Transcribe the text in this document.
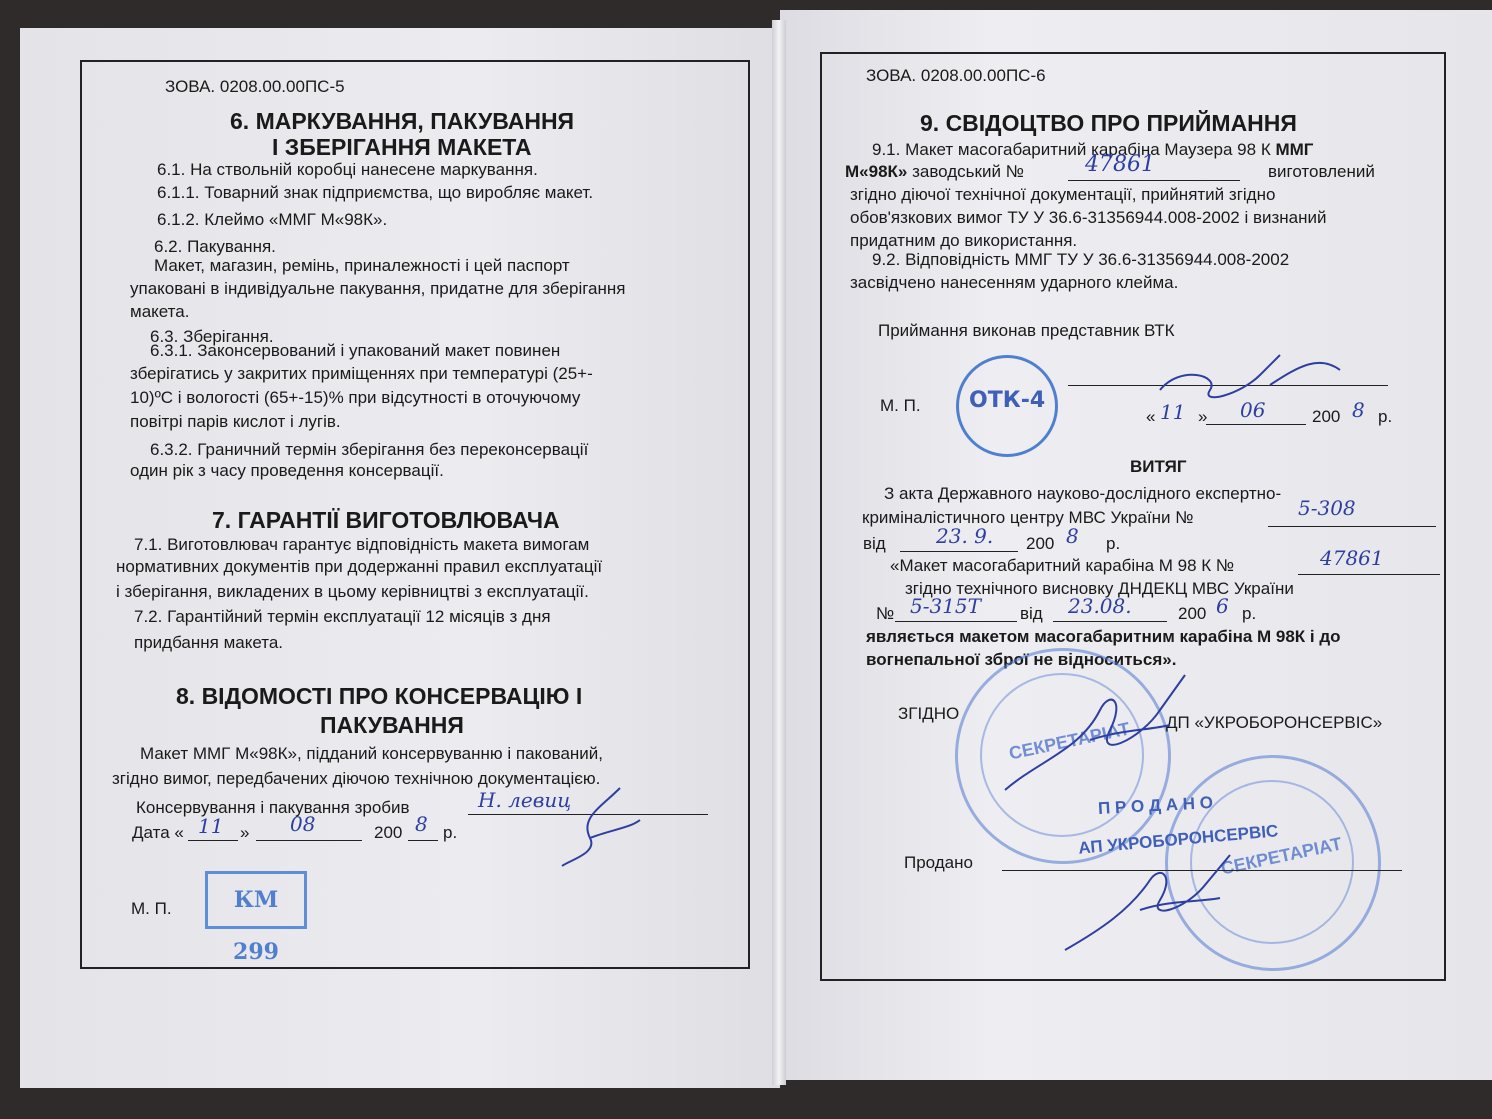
ЗОВА. 0208.00.00ПС-5
6. МАРКУВАННЯ, ПАКУВАННЯ
І ЗБЕРІГАННЯ МАКЕТА
6.1. На ствольній коробці нанесене маркування.
6.1.1. Товарний знак підприємства, що виробляє макет.
6.1.2. Клеймо «ММГ М«98К».
6.2. Пакування.
Макет, магазин, ремінь, приналежності і цей паспорт
упаковані в індивідуальне пакування, придатне для зберігання
макета.
6.3. Зберігання.
6.3.1. Законсервований і упакований макет повинен
зберігатись у закритих приміщеннях при температурі (25+-
10)ºС і вологості (65+-15)% при відсутності в оточуючому
повітрі парів кислот і лугів.
6.3.2. Граничний термін зберігання без переконсервації
один рік з часу проведення консервації.
7. ГАРАНТІЇ ВИГОТОВЛЮВАЧА
7.1. Виготовлювач гарантує відповідність макета вимогам
нормативних документів при додержанні правил експлуатації
і зберігання, викладених в цьому керівництві з експлуатації.
7.2. Гарантійний термін експлуатації 12 місяців з дня
придбання макета.
8. ВІДОМОСТІ ПРО КОНСЕРВАЦІЮ І
ПАКУВАННЯ
Макет ММГ М«98К», підданий консервуванню і пакований,
згідно вимог, передбачених діючою технічною документацією.
Консервування і пакування зробив	Н. левиц
Дата « 11 » 08	200 8 р.
М. П.	КМ 299
ЗОВА. 0208.00.00ПС-6
9. СВІДОЦТВО ПРО ПРИЙМАННЯ
9.1. Макет масогабаритний карабіна Маузера 98 К ММГ
М«98К» заводський №	47861	виготовлений
згідно діючої технічної документації, прийнятий згідно
обов'язкових вимог ТУ У 36.6-31356944.008-2002 і визнаний
придатним до використання.
9.2. Відповідність ММГ ТУ У 36.6-31356944.008-2002
засвідчено нанесенням ударного клейма.
Приймання виконав представник ВТК
М. П. ОТК-4
« 11 » 06	200 8 р.
ВИТЯГ
З акта Державного науково-дослідного експертно-
криміналістичного центру МВС України №	5-308
від	23. 9. 200 8 р.
«Макет масогабаритний карабіна М 98 К №	47861
згідно технічного висновку ДНДЕКЦ МВС України
№ 5-315Т від 23.08.	200 6 р.
являється макетом масогабаритним карабіна М 98К і до
вогнепальної зброї не відноситься».
СЕКРЕТАРІАТ
СЕКРЕТАРІАТ
ЗГІДНО	ДП «УКРОБОРОНСЕРВІС»
П Р О Д А Н О
АП УКРОБОРОНСЕРВІС
Продано
